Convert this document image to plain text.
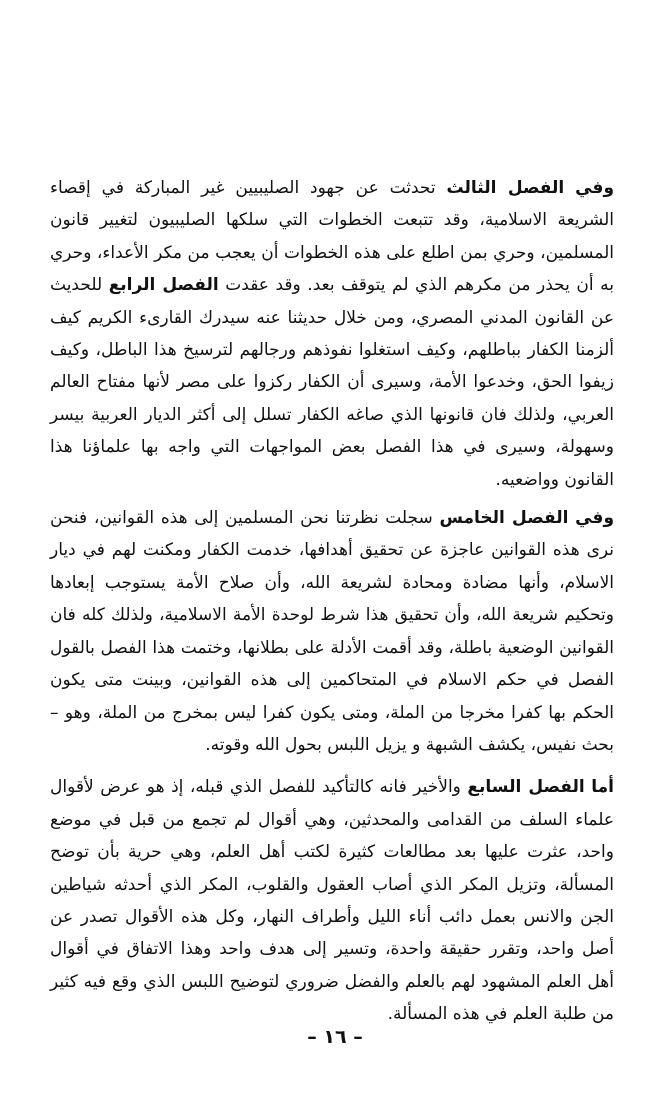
وفي الفصل الثالث تحدثت عن جهود الصليبيين غير المباركة في إقصاء الشريعة الاسلامية، وقد تتبعت الخطوات التي سلكها الصليبيون لتغيير قانون المسلمين، وحري بمن اطلع على هذه الخطوات أن يعجب من مكر الأعداء، وحري به أن يحذر من مكرهم الذي لم يتوقف بعد. وقد عقدت الفصل الرابع للحديث عن القانون المدني المصري، ومن خلال حديثنا عنه سيدرك القارىء الكريم كيف ألزمنا الكفار بباطلهم، وكيف استغلوا نفوذهم ورجالهم لترسيخ هذا الباطل، وكيف زيفوا الحق، وخدعوا الأمة، وسيرى أن الكفار ركزوا على مصر لأنها مفتاح العالم العربي، ولذلك فان قانونها الذي صاغه الكفار تسلل إلى أكثر الديار العربية بيسر وسهولة، وسيرى في هذا الفصل بعض المواجهات التي واجه بها علماؤنا هذا القانون وواضعيه.

وفي الفصل الخامس سجلت نظرتنا نحن المسلمين إلى هذه القوانين، فنحن نرى هذه القوانين عاجزة عن تحقيق أهدافها، خدمت الكفار ومكنت لهم في ديار الاسلام، وأنها مضادة ومحادة لشريعة الله، وأن صلاح الأمة يستوجب إبعادها وتحكيم شريعة الله، وأن تحقيق هذا شرط لوحدة الأمة الاسلامية، ولذلك كله فان القوانين الوضعية باطلة، وقد أقمت الأدلة على بطلانها، وختمت هذا الفصل بالقول الفصل في حكم الاسلام في المتحاكمين إلى هذه القوانين، وبينت متى يكون الحكم بها كفرا مخرجا من الملة، ومتى يكون كفرا ليس بمخرج من الملة، وهو – بحث نفيس، يكشف الشبهة و يزيل اللبس بحول الله وقوته.

أما الفصل السابع والأخير فانه كالتأكيد للفصل الذي قبله، إذ هو عرض لأقوال علماء السلف من القدامى والمحدثين، وهي أقوال لم تجمع من قبل في موضع واحد، عثرت عليها بعد مطالعات كثيرة لكتب أهل العلم، وهي حرية بأن توضح المسألة، وتزيل المكر الذي أصاب العقول والقلوب، المكر الذي أحدثه شياطين الجن والانس بعمل دائب أناء الليل وأطراف النهار، وكل هذه الأقوال تصدر عن أصل واحد، وتقرر حقيقة واحدة، وتسير إلى هدف واحد وهذا الاتفاق في أقوال أهل العلم المشهود لهم بالعلم والفضل ضروري لتوضيح اللبس الذي وقع فيه كثير من طلبة العلم في هذه المسألة.

– ١٦ –
